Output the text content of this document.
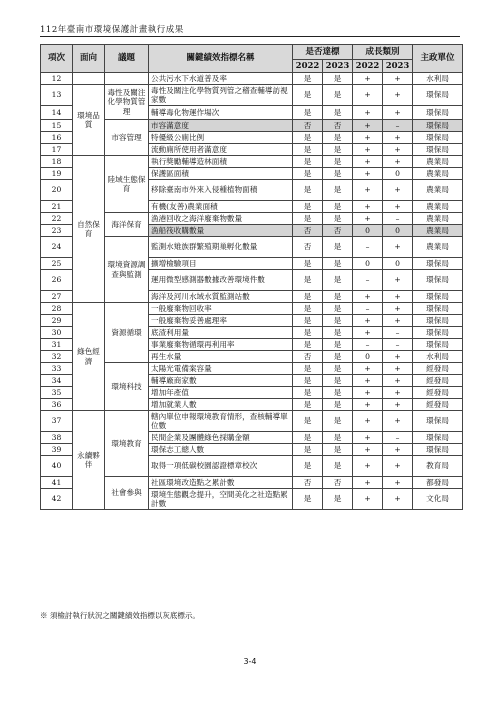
112年臺南市環境保護計畫執行成果
項次	面向	議題	關鍵績效指標名稱	是否達標		成長類別		主政單位
				2022	2023	2022	2023	
12			公共污水下水道普及率	是	是	+	+	水利局
13	環境品質	毒性及關注化學物質管理	毒性及關注化學物質列管之稽查輔導訪視家數	是	是	+	+	環保局
14			輔導毒化物運作場次	是	是	+	+	環保局
15		市容管理	市容滿意度	否	否	+	–	環保局
16			特優級公廁比例	是	是	+	+	環保局
17			流動廁所使用者滿意度	是	是	+	+	環保局
18	自然保育	陸域生態保育	執行獎勵輔導造林面積	是	是	+	+	農業局
19			保護區面積	是	是	+	0	農業局
20			移除臺南市外來入侵種植物面積	是	是	+	+	農業局
21			有機(友善)農業面積	是	是	+	+	農業局
22		海洋保育	漁港回收之海洋廢棄物數量	是	是	+	–	農業局
23			漁船筏收購數量	否	否	0	0	農業局
24		環境資源調查與監測	監測水雉族群繁殖期巢孵化數量	否	是	–	+	農業局
25			擴增檢驗項目	是	是	0	0	環保局
26			運用微型感測器數據改善環境件數	是	是	–	+	環保局
27			海洋及河川水域水質監測站數	是	是	+	+	環保局
28	綠色經濟	資源循環	一般廢棄物回收率	是	是	–	+	環保局
29			一般廢棄物妥善處理率	是	是	+	+	環保局
30			底渣利用量	是	是	+	–	環保局
31			事業廢棄物循環再利用率	是	是	–	–	環保局
32			再生水量	否	是	0	+	水利局
33		環境科技	太陽光電備案容量	是	是	+	+	經發局
34			輔導廠商家數	是	是	+	+	經發局
35			增加年產值	是	是	+	+	經發局
36			增加就業人數	是	是	+	+	經發局
37	永續夥伴	環境教育	轄內單位申報環境教育情形，查核輔導單位數	是	是	+	+	環保局
38			民間企業及團體綠色採購金額	是	是	+	–	環保局
39			環保志工總人數	是	是	+	+	環保局
40			取得一項低碳校園認證標章校次	是	是	+	+	教育局
41		社會參與	社區環境改造點之累計數	否	否	+	+	都發局
42			環境生態觀念提升，空間美化之社造點累計數	是	是	+	+	文化局
※ 須檢討執行狀況之關鍵績效指標以灰底標示。
3-4
